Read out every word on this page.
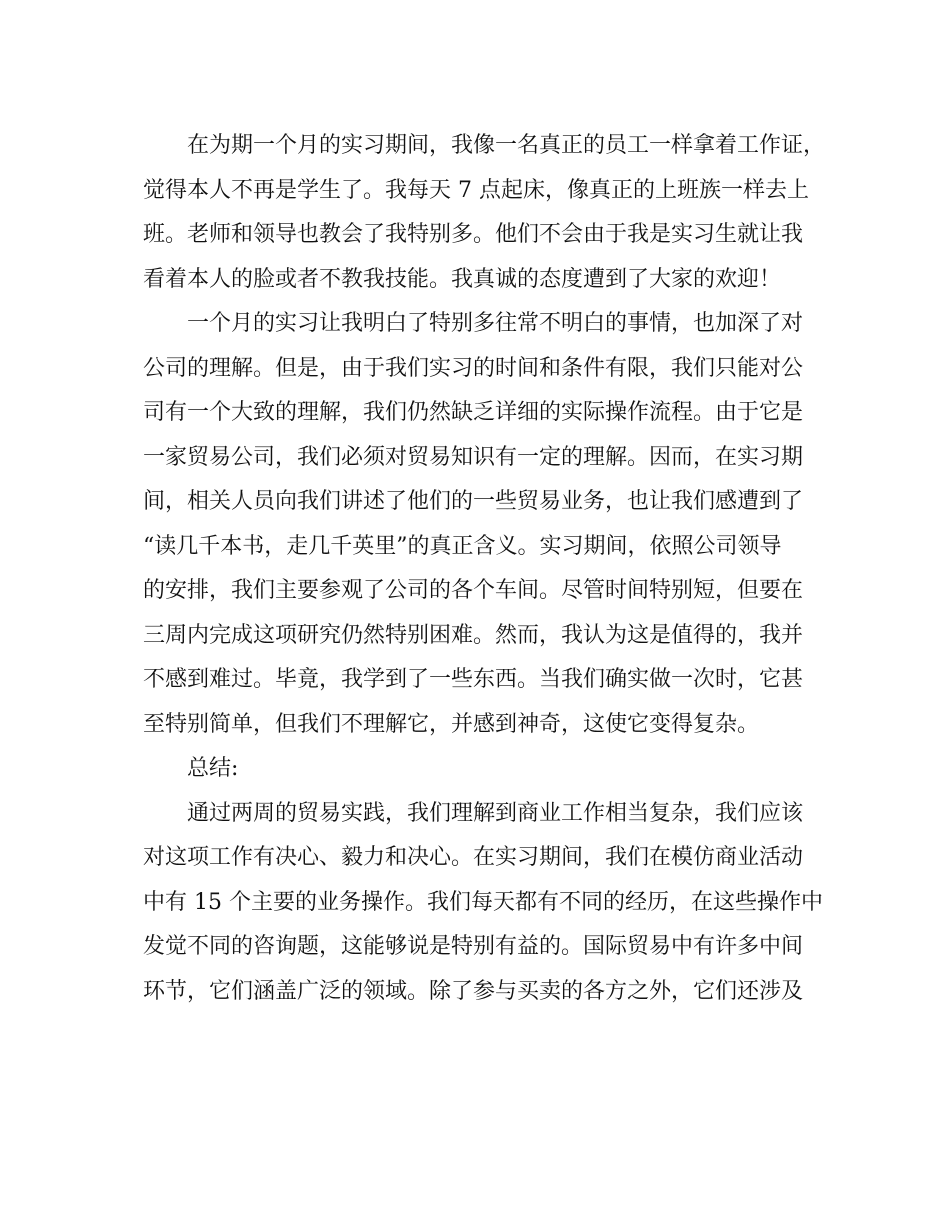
在为期一个月的实习期间，我像一名真正的员工一样拿着工作证，
觉得本人不再是学生了。我每天 7 点起床，像真正的上班族一样去上
班。老师和领导也教会了我特别多。他们不会由于我是实习生就让我
看着本人的脸或者不教我技能。我真诚的态度遭到了大家的欢迎！
一个月的实习让我明白了特别多往常不明白的事情，也加深了对
公司的理解。但是，由于我们实习的时间和条件有限，我们只能对公
司有一个大致的理解，我们仍然缺乏详细的实际操作流程。由于它是
一家贸易公司，我们必须对贸易知识有一定的理解。因而，在实习期
间，相关人员向我们讲述了他们的一些贸易业务，也让我们感遭到了
“读几千本书，走几千英里”的真正含义。实习期间，依照公司领导
的安排，我们主要参观了公司的各个车间。尽管时间特别短，但要在
三周内完成这项研究仍然特别困难。然而，我认为这是值得的，我并
不感到难过。毕竟，我学到了一些东西。当我们确实做一次时，它甚
至特别简单，但我们不理解它，并感到神奇，这使它变得复杂。
总结:
通过两周的贸易实践，我们理解到商业工作相当复杂，我们应该
对这项工作有决心、毅力和决心。在实习期间，我们在模仿商业活动
中有 15 个主要的业务操作。我们每天都有不同的经历，在这些操作中
发觉不同的咨询题，这能够说是特别有益的。国际贸易中有许多中间
环节，它们涵盖广泛的领域。除了参与买卖的各方之外，它们还涉及
